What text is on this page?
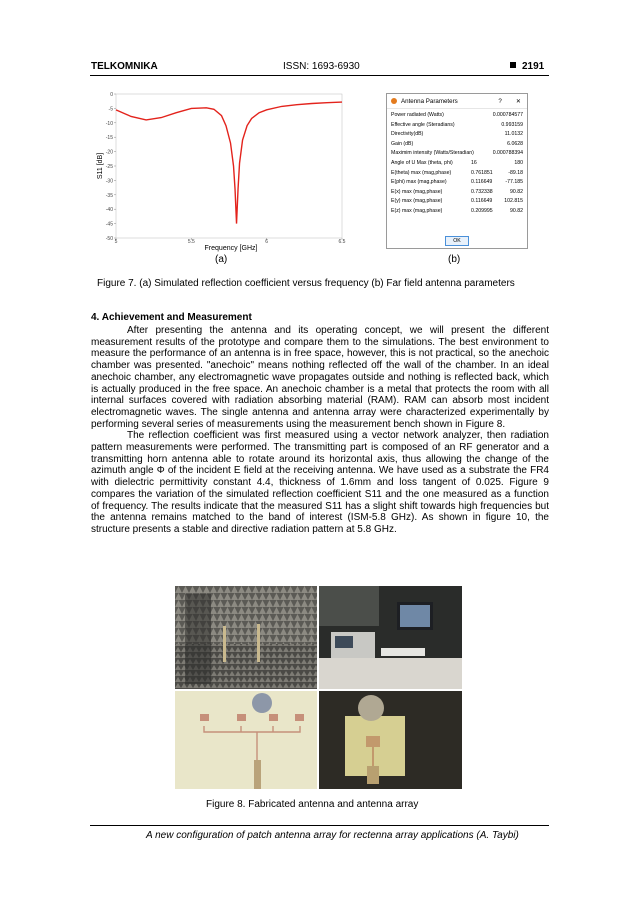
TELKOMNIKA	ISSN: 1693-6930	2191
0
-5
-10
-15
-20
-25
-30
-35
-40
-45
-50 5	5.5	6	6.5
S11 [dB]
Frequency [GHz]
(a)
Antenna Parameters	? ✕
Power radiated (Watts)	0.000784577
Effective angle (Steradians)	0.993159
Directivity(dB)	11.0132
Gain (dB)	6.0628
Maximim intensity (Watts/Steradian)	0.000788394
Angle of U Max (theta, phi)	16	180
E(theta) max (mag,phase)	0.761851	-89.18
E(phi) max (mag,phase)	0.116649	-77.185
E(x) max (mag,phase)	0.732338	90.82
E(y) max (mag,phase)	0.116649	102.815
E(z) max (mag,phase)	0.209995	90.82
OK
(b)
Figure 7. (a) Simulated reflection coefficient versus frequency (b) Far field antenna parameters
4. Achievement and Measurement

After presenting the antenna and its operating concept, we will present the different measurement results of the prototype and compare them to the simulations. The best environment to measure the performance of an antenna is in free space, however, this is not practical, so the anechoic chamber was presented. "anechoic" means nothing reflected off the wall of the chamber. In an ideal anechoic chamber, any electromagnetic wave propagates outside and nothing is reflected back, which is actually produced in the free space. An anechoic chamber is a metal that protects the room with all internal surfaces covered with radiation absorbing material (RAM). RAM can absorb most incident electromagnetic waves. The single antenna and antenna array were characterized experimentally by performing several series of measurements using the measurement bench shown in Figure 8.

The reflection coefficient was first measured using a vector network analyzer, then radiation pattern measurements were performed. The transmitting part is composed of an RF generator and a transmitting horn antenna able to rotate around its horizontal axis, thus allowing the change of the azimuth angle Φ of the incident E field at the receiving antenna. We have used as a substrate the FR4 with dielectric permittivity constant 4.4, thickness of 1.6mm and loss tangent of 0.025. Figure 9 compares the variation of the simulated reflection coefficient S11 and the one measured as a function of frequency. The results indicate that the measured S11 has a slight shift towards high frequencies but the antenna remains matched to the band of interest (ISM-5.8 GHz). As shown in figure 10, the structure presents a stable and directive radiation pattern at 5.8 GHz.

Figure 8. Fabricated antenna and antenna array
A new configuration of patch antenna array for rectenna array applications (A. Taybi)
